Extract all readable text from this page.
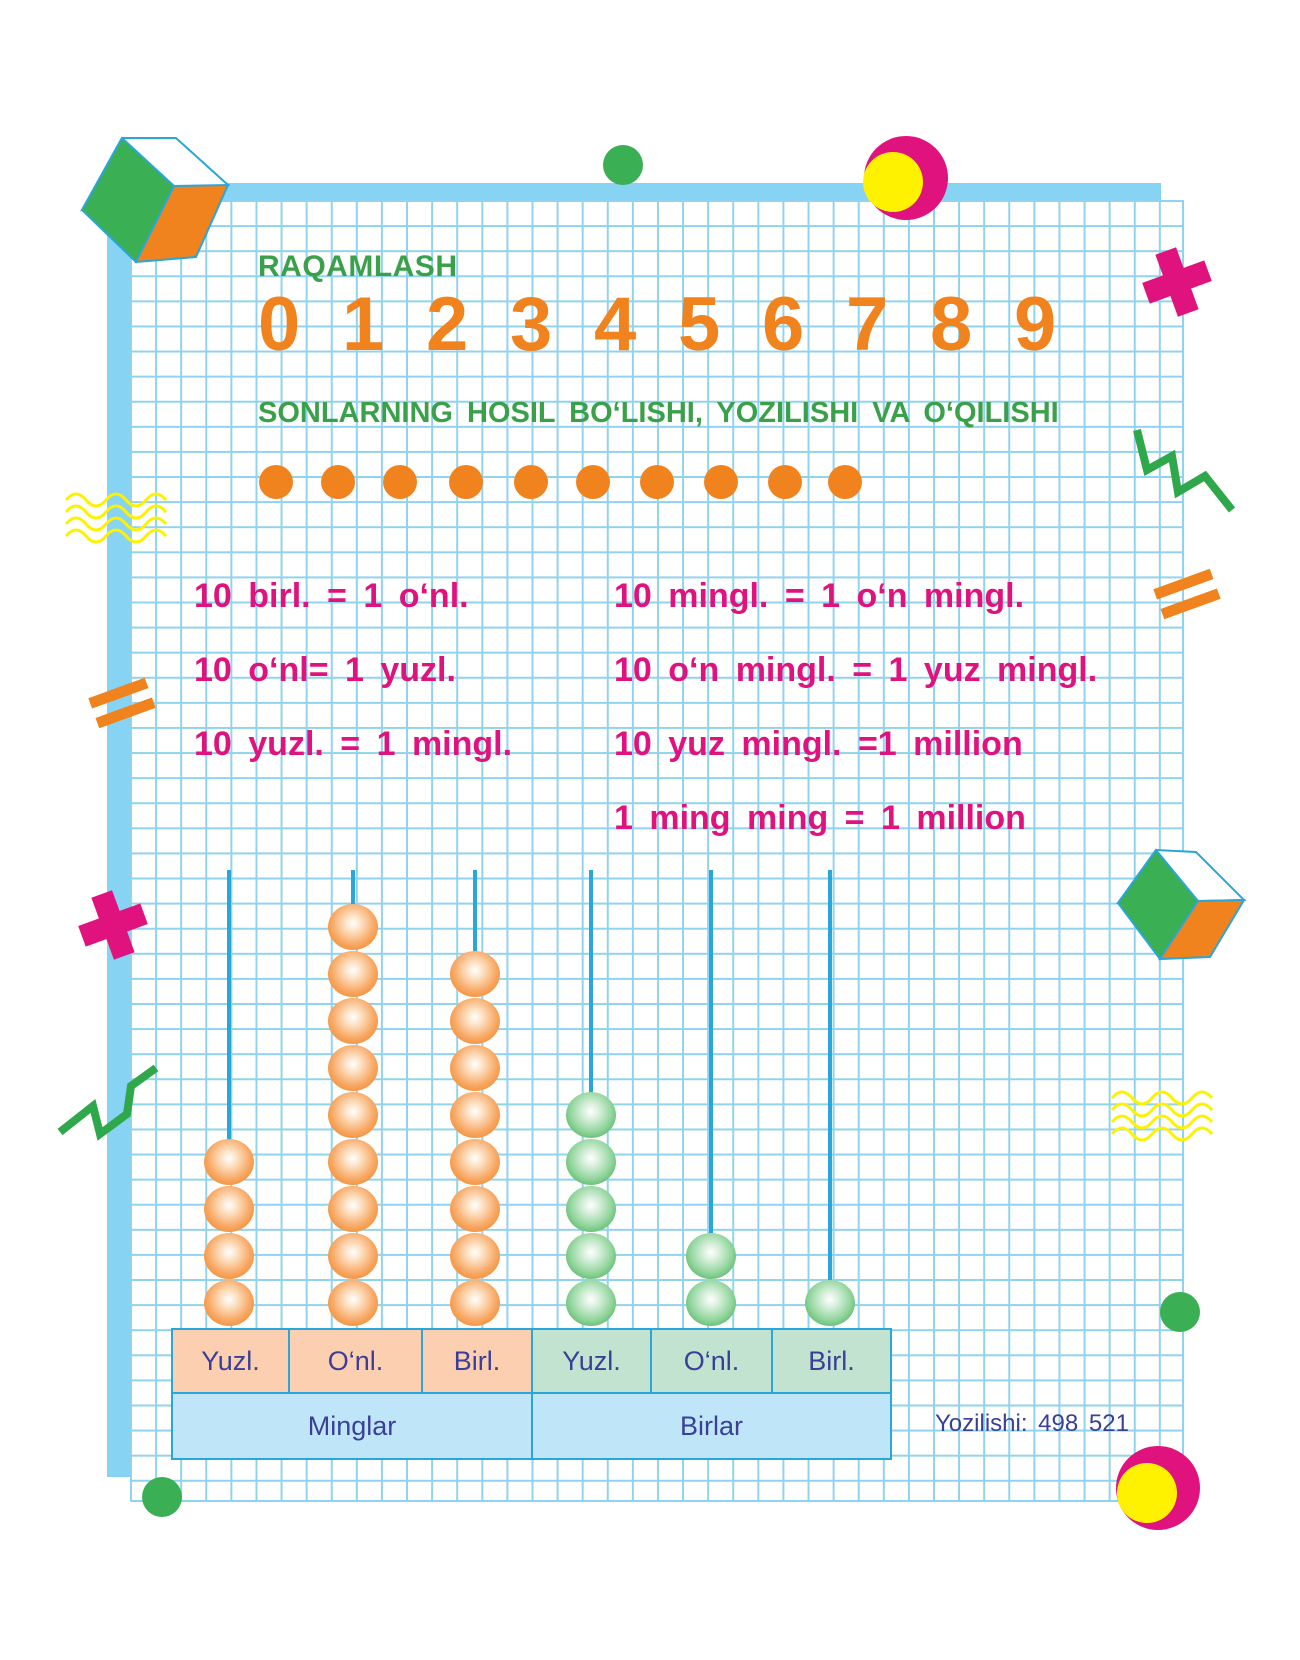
RAQAMLASH
0 1 2 3 4 5 6 7 8 9
SONLARNING HOSIL BO‘LISHI, YOZILISHI VA O‘QILISHI
10 birl. = 1 o‘nl.
10 o‘nl= 1 yuzl.
10 yuzl. = 1 mingl.
10 mingl. = 1 o‘n mingl.
10 o‘n mingl. = 1 yuz mingl.
10 yuz mingl. =1 million
1 ming ming = 1 million
Yuzl.	O‘nl.	Birl.	Yuzl.	O‘nl.	Birl.
Minglar			Birlar			Yozilishi: 498 521
